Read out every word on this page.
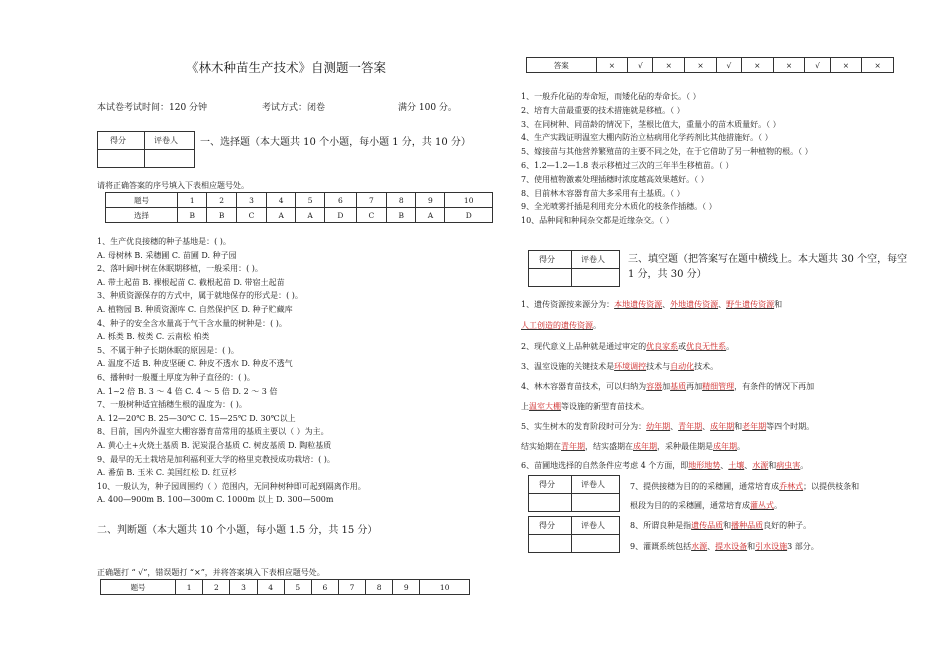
《林木种苗生产技术》自测题一答案
本试卷考试时间：120 分钟	考试方式：闭卷	满分 100 分。
得分	评卷人 一、选择题（本大题共 10 个小题，每小题 1 分，共 10 分）
请将正确答案的序号填入下表相应题号处。
题号	1	2	3	4	5	6	7	8	9	10
选择	B	B	C	A	A	D	C	B	A	D
1、生产优良接穗的种子基地是：( )。
A. 母树林 B. 采穗圃 C. 苗圃 D. 种子园
2、落叶阔叶树在休眠期移植，一般采用：( )。
A. 带土起苗 B. 裸根起苗 C. 截根起苗 D. 带宿土起苗
3、种质资源保存的方式中，属于就地保存的形式是：( )。
A. 植物园 B. 种质资源库 C. 自然保护区 D. 种子贮藏库
4、种子的安全含水量高于气干含水量的树种是：( )。
A. 栎类 B. 桉类 C. 云南松 柏类
5、不属于种子长期休眠的原因是：( )。
A. 温度不适 B. 种皮坚硬 C. 种皮不透水 D. 种皮不透气
6、播种时一般覆土厚度为种子直径的：( )。
A. 1~2 倍 B. 3 ～ 4 倍 C. 4 ～ 5 倍 D. 2 ～ 3 倍
7、一般树种适宜插穗生根的温度为：( )。
A. 12—20℃ B. 25—30℃ C. 15—25℃ D. 30℃以上
8、目前，国内外温室大棚容器育苗常用的基质主要以（ ）为主。
A. 黄心土+火烧土基质 B. 泥炭混合基质 C. 树皮基质 D. 陶粒基质
9、最早的无土栽培是加利福利亚大学的格里克教授成功栽培：( )。
A. 番茄 B. 玉米 C. 美国红松 D. 红豆杉
10、一般认为，种子园周围约（ ）范围内，无同种树种即可起到隔离作用。
A. 400—900m B. 100—300m C. 1000m 以上 D. 300—500m
二、判断题（本大题共 10 个小题，每小题 1.5 分，共 15 分）
正确题打 “ √”，错误题打 “×”，并将答案填入下表相应题号处。
题号	1	2	3	4	5	6	7	8	9	10
答案	×	√	×	×	√	×	×	√	×	×
1、一般乔化砧的寿命短，而矮化砧的寿命长。（ ）
2、培育大苗最重要的技术措施就是移植。（ ）
3、在同树种、同苗龄的情况下，茎根比值大，重量小的苗木质量好。（ ）
4、生产实践证明温室大棚内防治立枯病用化学药剂比其他措施好。（ ）
5、嫁接苗与其他营养繁殖苗的主要不同之处，在于它借助了另一种植物的根。（ ）
6、1.2—1.2—1.8 表示移植过三次的三年半生移植苗。（ ）
7、使用植物激素处理插穗时浓度越高效果越好。（ ）
8、目前林木容器育苗大多采用有土基质。（ ）
9、全光喷雾扦插是利用充分木质化的枝条作插穗。（ ）
10、品种间和种间杂交都是近缘杂交。（ ）
得分	评卷人 三、填空题（把答案写在题中横线上。本大题共 30 个空，每空
1 分，共 30 分）
1、遗传资源按来源分为：本地遗传资源、外地遗传资源、野生遗传资源和
人工创造的遗传资源。
2、现代意义上品种就是通过审定的优良家系或优良无性系。
3、温室设施的关键技术是环境调控技术与自动化技术。
4、林木容器育苗技术，可以归纳为容器加基质再加精细管理，有条件的情况下再加
上温室大棚等设施的新型育苗技术。
5、实生树木的发育阶段时可分为：幼年期、青年期、成年期和老年期等四个时期。
结实始期在青年期，结实盛期在成年期，采种最佳期是成年期。
6、苗圃地选择的自然条件应考虑 4 个方面，即地形地势、土壤、水源和病虫害。
得分	评卷人	7、提供接穗为目的的采穗圃，通常培育成乔林式；以提供枝条和
根段为目的的采穗圃，通常培育成灌丛式。
得分	评卷人	8、所谓良种是指遗传品质和播种品质良好的种子。
9、灌溉系统包括水源、提水设备和引水设施3 部分。
